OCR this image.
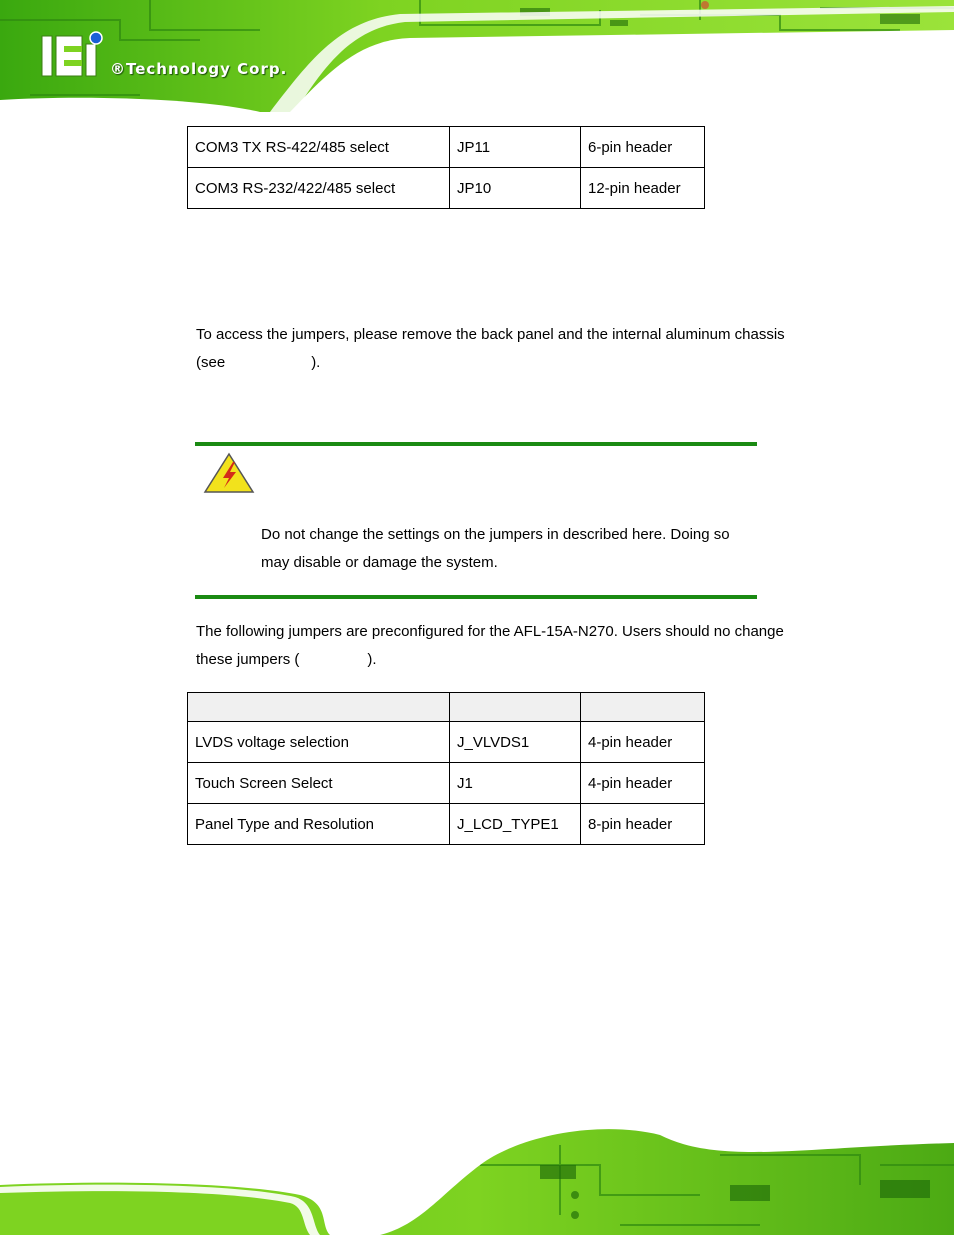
®Technology Corp.
COM3 TX RS-422/485 select	JP11	6-pin header
COM3 RS-232/422/485 select	JP10	12-pin header
To access the jumpers, please remove the back panel and the internal aluminum chassis
(see	).
Do not change the settings on the jumpers in described here. Doing so
may disable or damage the system.
The following jumpers are preconfigured for the AFL-15A-N270. Users should no change
these jumpers (	).

LVDS voltage selection	J_VLVDS1	4-pin header
Touch Screen Select	J1	4-pin header
Panel Type and Resolution	J_LCD_TYPE1	8-pin header
